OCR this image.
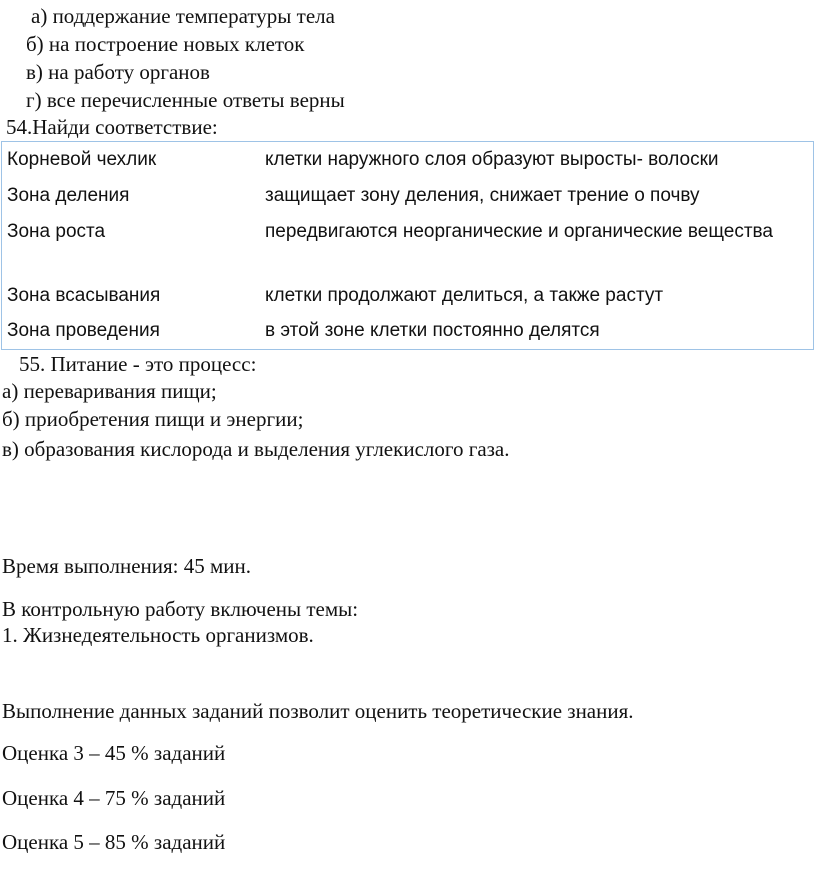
а) поддержание температуры тела
б) на построение новых клеток
в) на работу органов
г) все перечисленные ответы верны
54.Найди соответствие:
Корневой чехлик	клетки наружного слоя образуют выросты- волоски
Зона деления	защищает зону деления, снижает трение о почву
Зона роста	передвигаются неорганические и органические вещества
Зона всасывания	клетки продолжают делиться, а также растут
Зона проведения	в этой зоне клетки постоянно делятся
55. Питание - это процесс:
а) переваривания пищи;
б) приобретения пищи и энергии;
в) образования кислорода и выделения углекислого газа.
Время выполнения: 45 мин.
В контрольную работу включены темы:
1. Жизнедеятельность организмов.
Выполнение данных заданий позволит оценить теоретические знания.
Оценка 3 – 45 % заданий
Оценка 4 – 75 % заданий
Оценка 5 – 85 % заданий
